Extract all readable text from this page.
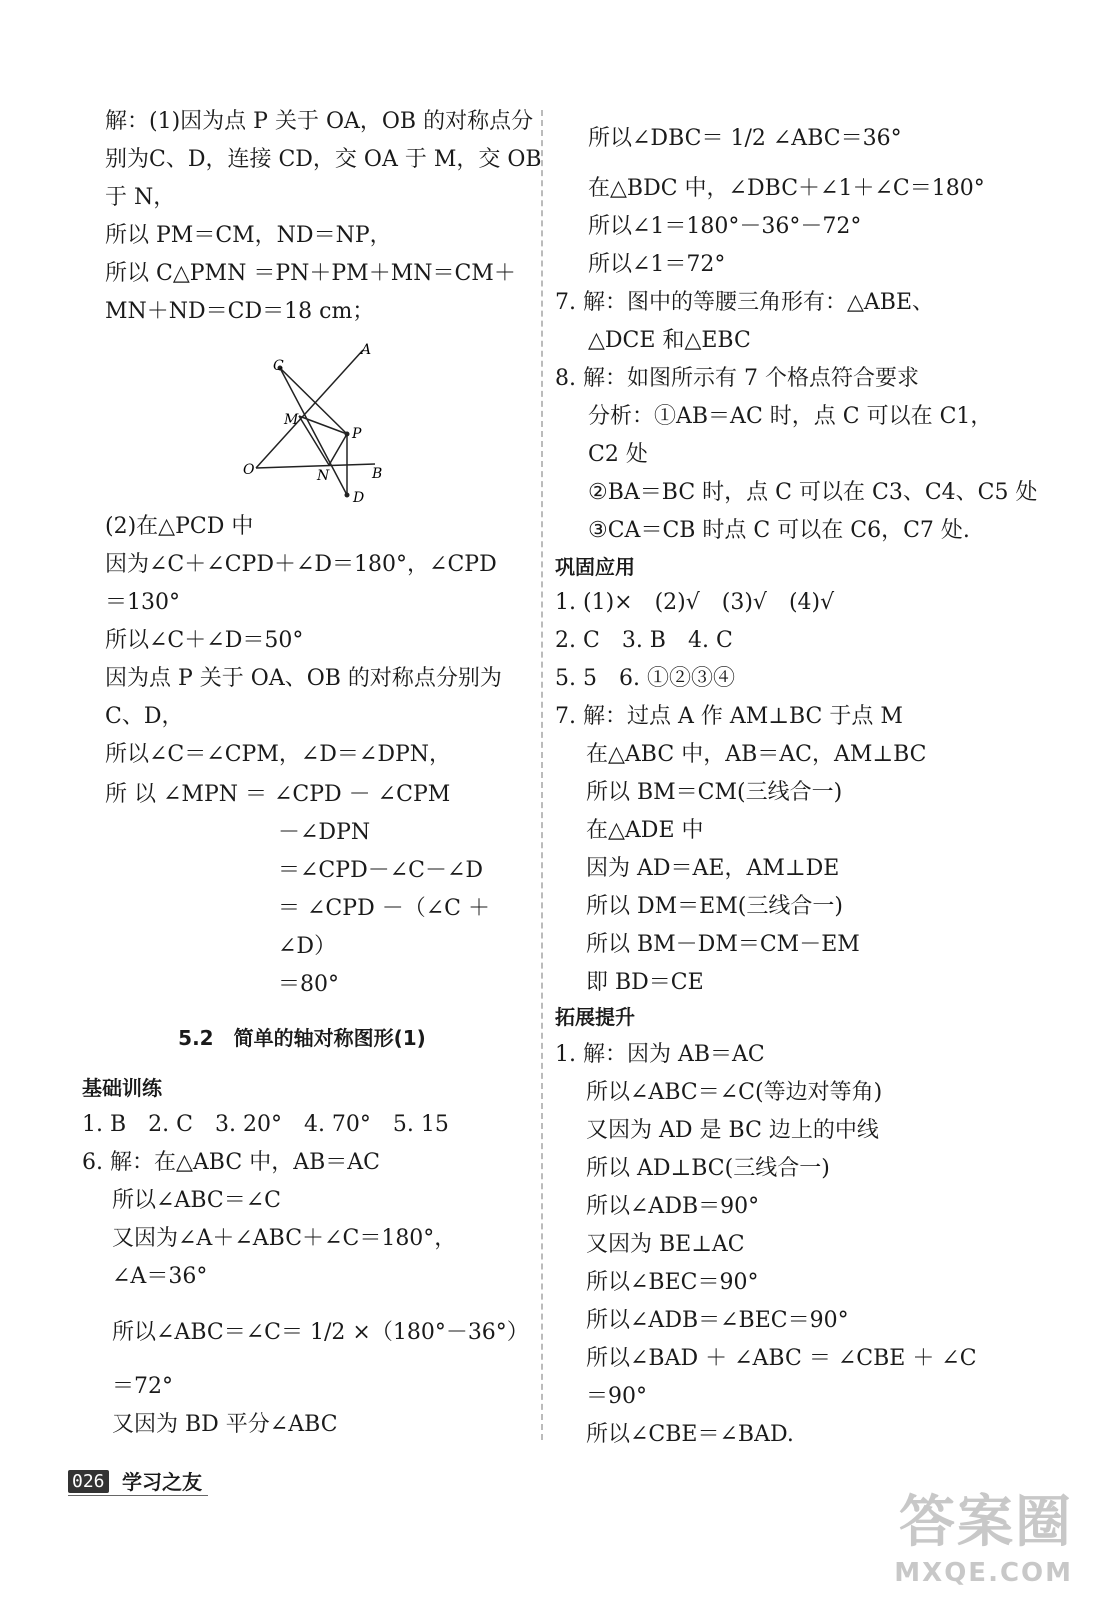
解：(1)因为点 P 关于 OA，OB 的对称点分
别为C、D，连接 CD，交 OA 于 M，交 OB
于 N，
所以 PM＝CM，ND＝NP，
所以 C△PMN ＝PN＋PM＋MN＝CM＋
MN＋ND＝CD＝18 cm；
A
C
M
P
O	N	B
D
(2)在△PCD 中
因为∠C＋∠CPD＋∠D＝180°，∠CPD
＝130°
所以∠C＋∠D＝50°
因为点 P 关于 OA、OB 的对称点分别为
C、D，
所以∠C＝∠CPM，∠D＝∠DPN，
所 以 ∠MPN ＝ ∠CPD － ∠CPM
－∠DPN
＝∠CPD－∠C－∠D
＝ ∠CPD －（∠C ＋
∠D）
＝80°
5.2　简单的轴对称图形(1)
基础训练
1. B　2. C　3. 20°　4. 70°　5. 15
6. 解：在△ABC 中，AB＝AC
所以∠ABC＝∠C
又因为∠A＋∠ABC＋∠C＝180°，
∠A＝36°
所以∠ABC＝∠C＝ 1/2 ×（180°－36°）
＝72°
又因为 BD 平分∠ABC
所以∠DBC＝ 1/2 ∠ABC＝36°
在△BDC 中，∠DBC＋∠1＋∠C＝180°
所以∠1＝180°－36°－72°
所以∠1＝72°
7. 解：图中的等腰三角形有：△ABE、
△DCE 和△EBC
8. 解：如图所示有 7 个格点符合要求
分析：①AB＝AC 时，点 C 可以在 C1，
C2 处
②BA＝BC 时，点 C 可以在 C3、C4、C5 处
③CA＝CB 时点 C 可以在 C6，C7 处.
巩固应用
1. (1)×　(2)√　(3)√　(4)√
2. C　3. B　4. C
5. 5　6. ①②③④
7. 解：过点 A 作 AM⊥BC 于点 M
在△ABC 中，AB＝AC，AM⊥BC
所以 BM＝CM(三线合一)
在△ADE 中
因为 AD＝AE，AM⊥DE
所以 DM＝EM(三线合一)
所以 BM－DM＝CM－EM
即 BD＝CE
拓展提升
1. 解：因为 AB＝AC
所以∠ABC＝∠C(等边对等角)
又因为 AD 是 BC 边上的中线
所以 AD⊥BC(三线合一)
所以∠ADB＝90°
又因为 BE⊥AC
所以∠BEC＝90°
所以∠ADB＝∠BEC＝90°
所以∠BAD ＋ ∠ABC ＝ ∠CBE ＋ ∠C
＝90°
所以∠CBE＝∠BAD.
026 学习之友
答案圈
MXQE.COM
